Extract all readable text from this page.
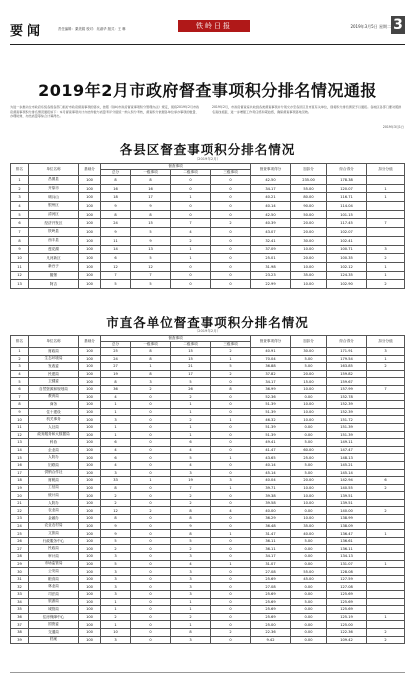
要闻	责任编辑：栗美娟 校对：吴淑华 版式：王 琳	铁岭日报	2019年3月5日 星期二 3
2019年2月市政府督查事项积分排名情况通报
为进一步推动全市政府系统各级各部门抓好市政府督查事项的落实，按照《铁岭市政府督查事项积分管理办法》规定，现将2019年2月市政府督查事项积分排名情况通报如下：本月督查事项共计办结件数与质量考评分值统一纳入积分考核，督查积分依据各单位承办事项的数量、办理时效、办结质量等综合计算得出。
2019年2月，市政府督查室共收到各类督查事项并分别交办至各县区及市直有关单位，现将积分排名情况予以通报。各地区各部门要对照排名查找差距，进一步增强工作责任感和紧迫感，确保督查事项落地见效。
2019年3月1日
各县区督查事项积分排名情况
（2019年2月）
排名	单位名称	基础分	督查事项				督查事项得分	加扣分	综合得分	扣分分值
			总分	一级事项	二级事项	三级事项				
1	昌图县	100	8	8	0	0	42.50	235.00	178.38	
2	开原市	100	16	16	0	0	34.17	55.00	120.07	1
3	调兵山	100	18	17	1	0	40.21	80.00	116.71	1
4	银州区	100	9	9	0	0	40.14	90.00	114.04	
5	清河区	100	8	8	0	0	42.50	50.00	101.15	
6	经济开发区	100	24	15	7	2	40.39	20.00	117.45	7
7	铁岭县	100	9	5	4	0	43.07	20.00	102.07	
8	西丰县	100	11	9	2	0	32.41	30.00	102.41	
9	莲花湖	100	14	13	1	0	37.09	10.00	100.71	3
10	凡河新区	100	6	5	1	0	25.01	20.00	100.35	2
11	新台子	100	12	12	0	0	31.98	10.00	102.12	1
12	腰堡	100	7	7	0	0	23.23	35.00	124.35	1
13	阿吉	100	5	5	0	0	22.99	10.00	102.90	2
市直各单位督查事项积分排名情况
（2019年2月）
排名	单位名称	基础分	督查事项				督查事项得分	加扣分	综合得分	扣分分值
			总分	一级事项	二级事项	三级事项				
1	财政局	100	25	8	15	2	40.91	30.00	171.91	3
2	生态环境局	100	24	8	15	1	70.04	5.00	179.54	1
3	发改委	100	27	1	21	5	36.88	5.00	163.85	2
4	民建局	100	19	8	17	2	37.82	20.00	159.82	
5	卫健委	100	8	3	5	0	34.17	15.00	159.67	
6	自然资源和规划局	100	36	2	26	8	36.99	10.00	157.99	7
7	教育局	100	4	0	2	0	52.36	0.00	152.78	
8	商务	100	1	0	1	0	51.39	10.00	152.39	
9	住十建设	100	1	0	1	0	51.39	10.00	152.39	
10	机关事务	100	3	0	2	1	46.32	10.00	151.72	
11	人社局	100	1	0	1	0	51.39	0.00	151.39	
12	政务服务和大数据局	100	1	0	1	0	51.39	0.00	151.39	
13	科协	100	6	0	6	0	49.41	5.00	149.11	
14	企业局	100	4	0	4	0	41.47	60.00	147.47	
15	人防办	100	6	0	5	1	43.65	25.00	148.13	
16	妇联局	100	4	0	4	0	40.14	5.00	145.21	
17	供销合作社	100	3	0	3	0	45.14	5.00	145.14	
18	财税局	100	33	1	19	3	40.04	20.00	142.94	6
19	工信局	100	8	0	7	1	39.71	10.00	140.55	2
20	统计局	100	2	0	2	0	39.38	10.00	139.51	
21	人防办	100	2	0	2	0	39.58	10.00	139.51	
22	农业局	100	12	2	8	4	40.00	0.00	140.00	2
23	金融办	100	8	0	8	0	36.29	10.00	138.99	
24	农业农村局	100	9	0	9	0	36.48	35.00	138.09	
25	文旅局	100	9	0	8	1	31.47	40.00	136.47	1
26	行政服务中心	100	5	0	5	0	36.11	5.00	136.61	
27	民政局	100	2	0	2	0	36.11	0.00	136.11	
28	审计局	100	3	0	3	0	34.17	0.00	134.13	
29	市场监管局	100	5	0	4	1	31.07	0.00	131.07	1
30	公安局	100	3	0	3	0	27.08	55.00	128.08	
31	粮食局	100	3	0	3	0	25.69	45.00	127.59	
32	林业局	100	3	0	3	0	27.08	0.00	127.08	
33	司法局	100	3	0	3	0	25.69	0.00	125.69	
34	旅游局	100	1	0	1	0	25.69	5.00	125.69	
35	城管局	100	1	0	1	0	25.69	0.00	125.69	
36	住房保障中心	100	2	0	2	0	25.69	0.00	125.19	1
37	国资委	100	1	0	1	0	25.00	0.00	125.00	
38	交通局	100	10	0	8	2	22.36	0.00	122.36	2
39	档案	100	3	0	3	0	9.42	0.00	109.42	2
